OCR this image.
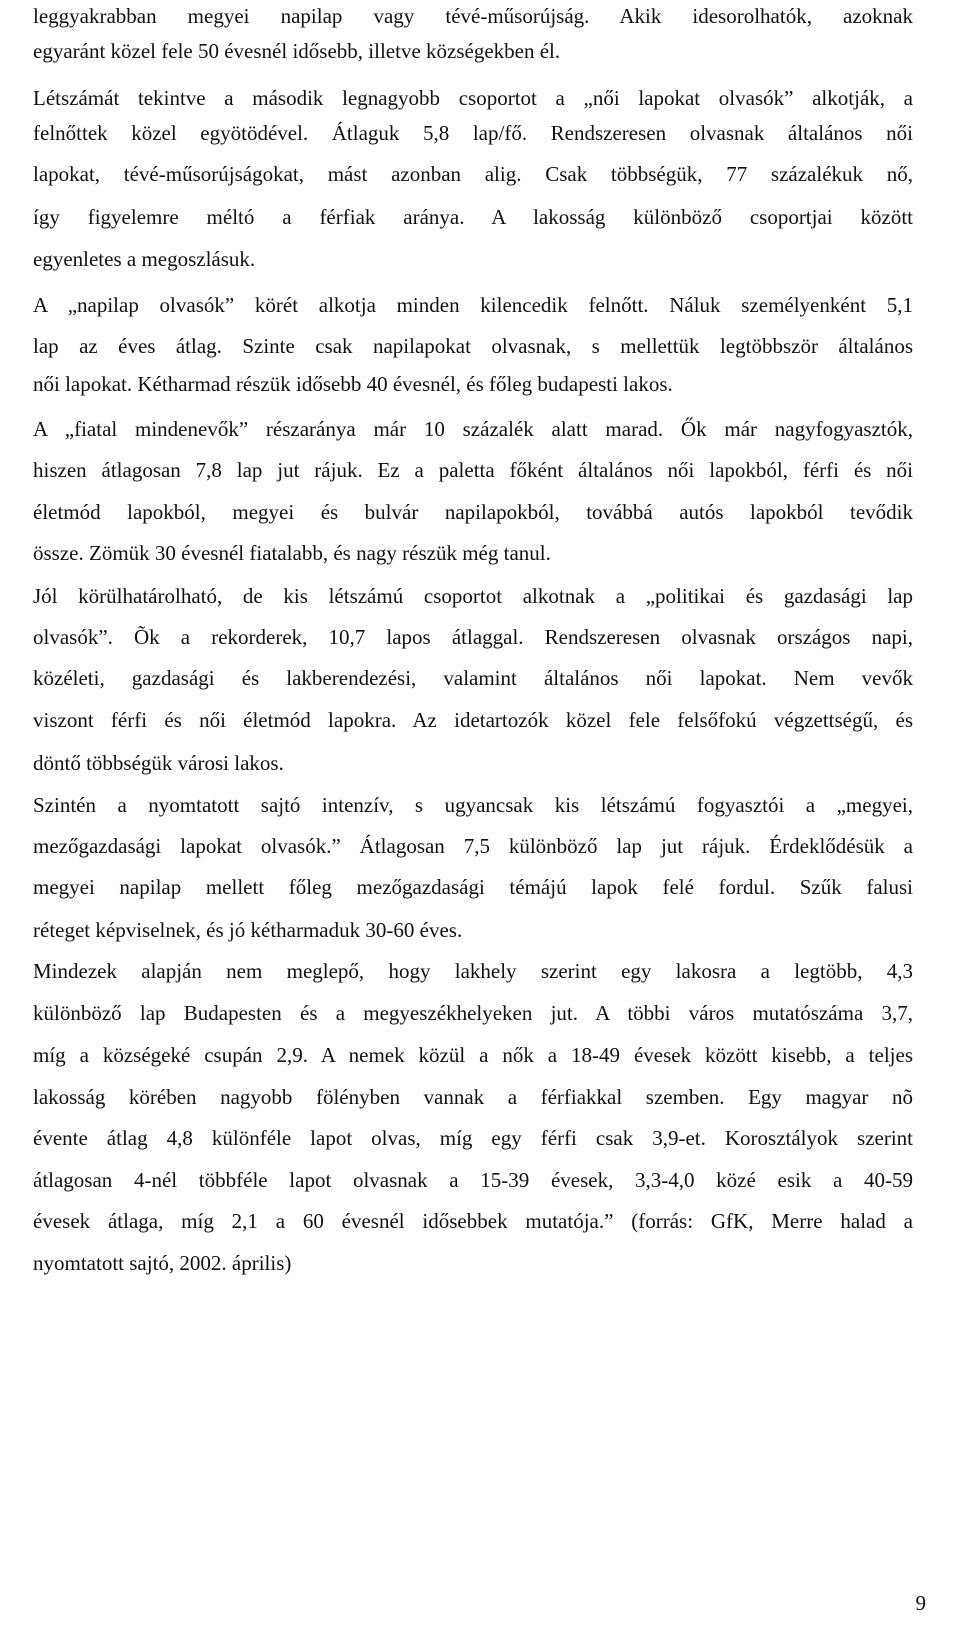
leggyakrabban megyei napilap vagy tévé-műsorújság. Akik idesorolhatók, azoknak
egyaránt közel fele 50 évesnél idősebb, illetve községekben él.
Létszámát tekintve a második legnagyobb csoportot a „női lapokat olvasók” alkotják, a
felnőttek közel egyötödével. Átlaguk 5,8 lap/fő. Rendszeresen olvasnak általános női
lapokat, tévé-műsorújságokat, mást azonban alig. Csak többségük, 77 százalékuk nő,
így figyelemre méltó a férfiak aránya. A lakosság különböző csoportjai között
egyenletes a megoszlásuk.
A „napilap olvasók” körét alkotja minden kilencedik felnőtt. Náluk személyenként 5,1
lap az éves átlag. Szinte csak napilapokat olvasnak, s mellettük legtöbbször általános
női lapokat. Kétharmad részük idősebb 40 évesnél, és főleg budapesti lakos.
A „fiatal mindenevők” részaránya már 10 százalék alatt marad. Ők már nagyfogyasztók,
hiszen átlagosan 7,8 lap jut rájuk. Ez a paletta főként általános női lapokból, férfi és női
életmód lapokból, megyei és bulvár napilapokból, továbbá autós lapokból tevődik
össze. Zömük 30 évesnél fiatalabb, és nagy részük még tanul.
Jól körülhatárolható, de kis létszámú csoportot alkotnak a „politikai és gazdasági lap
olvasók”. Õk a rekorderek, 10,7 lapos átlaggal. Rendszeresen olvasnak országos napi,
közéleti, gazdasági és lakberendezési, valamint általános női lapokat. Nem vevők
viszont férfi és női életmód lapokra. Az idetartozók közel fele felsőfokú végzettségű, és
döntő többségük városi lakos.
Szintén a nyomtatott sajtó intenzív, s ugyancsak kis létszámú fogyasztói a „megyei,
mezőgazdasági lapokat olvasók.” Átlagosan 7,5 különböző lap jut rájuk. Érdeklődésük a
megyei napilap mellett főleg mezőgazdasági témájú lapok felé fordul. Szűk falusi
réteget képviselnek, és jó kétharmaduk 30-60 éves.
Mindezek alapján nem meglepő, hogy lakhely szerint egy lakosra a legtöbb, 4,3
különböző lap Budapesten és a megyeszékhelyeken jut. A többi város mutatószáma 3,7,
míg a községeké csupán 2,9. A nemek közül a nők a 18-49 évesek között kisebb, a teljes
lakosság körében nagyobb fölényben vannak a férfiakkal szemben. Egy magyar nõ
évente átlag 4,8 különféle lapot olvas, míg egy férfi csak 3,9-et. Korosztályok szerint
átlagosan 4-nél többféle lapot olvasnak a 15-39 évesek, 3,3-4,0 közé esik a 40-59
évesek átlaga, míg 2,1 a 60 évesnél idősebbek mutatója.” (forrás: GfK, Merre halad a
nyomtatott sajtó, 2002. április)
9
